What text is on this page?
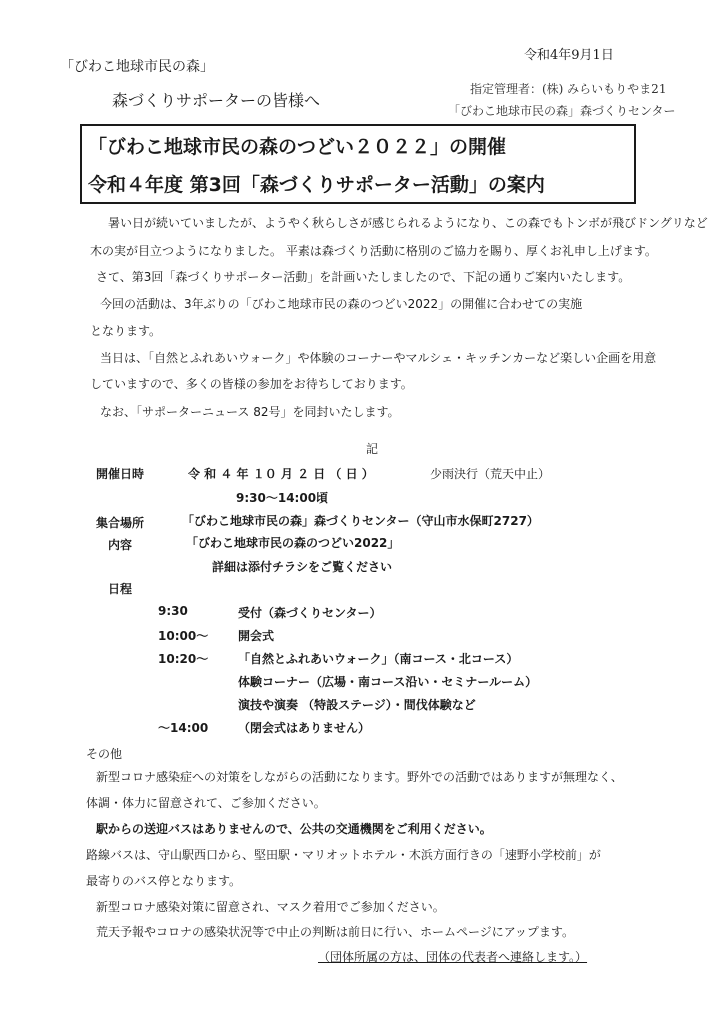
令和4年9月1日
「びわこ地球市民の森」
森づくりサポーターの皆様へ
指定管理者：(株) みらいもりやま21
「びわこ地球市民の森」森づくりセンター
「びわこ地球市民の森のつどい２０２２」の開催
令和４年度 第3回「森づくりサポーター活動」の案内
暑い日が続いていましたが、ようやく秋らしさが感じられるようになり、この森でもトンボが飛びドングリなど
木の実が目立つようになりました。 平素は森づくり活動に格別のご協力を賜り、厚くお礼申し上げます。
さて、第3回「森づくりサポーター活動」を計画いたしましたので、下記の通りご案内いたします。
今回の活動は、3年ぶりの「びわこ地球市民の森のつどい2022」の開催に合わせての実施
となります。
当日は、「自然とふれあいウォーク」や体験のコーナーやマルシェ・キッチンカーなど楽しい企画を用意
していますので、多くの皆様の参加をお待ちしております。
なお、「サポーターニュース 82号」を同封いたします。
記
開催日時	令 和 ４ 年 １０ 月 ２ 日 （ 日 ）	少雨決行（荒天中止）
9:30～14:00頃
集合場所	「びわこ地球市民の森」森づくりセンター（守山市水保町2727）
内容	「びわこ地球市民の森のつどい2022」
詳細は添付チラシをご覧ください
日程
9:30	受付（森づくりセンター）
10:00～ 開会式
10:20～ 「自然とふれあいウォーク」（南コース・北コース）
体験コーナー（広場・南コース沿い・セミナールーム）
演技や演奏 （特設ステージ）・間伐体験など
～14:00 （閉会式はありません）
その他
新型コロナ感染症への対策をしながらの活動になります。野外での活動ではありますが無理なく、
体調・体力に留意されて、ご参加ください。
駅からの送迎バスはありませんので、公共の交通機関をご利用ください。
路線バスは、守山駅西口から、堅田駅・マリオットホテル・木浜方面行きの「速野小学校前」が
最寄りのバス停となります。
新型コロナ感染対策に留意され、マスク着用でご参加ください。
荒天予報やコロナの感染状況等で中止の判断は前日に行い、ホームページにアップます。
（団体所属の方は、団体の代表者へ連絡します。）
